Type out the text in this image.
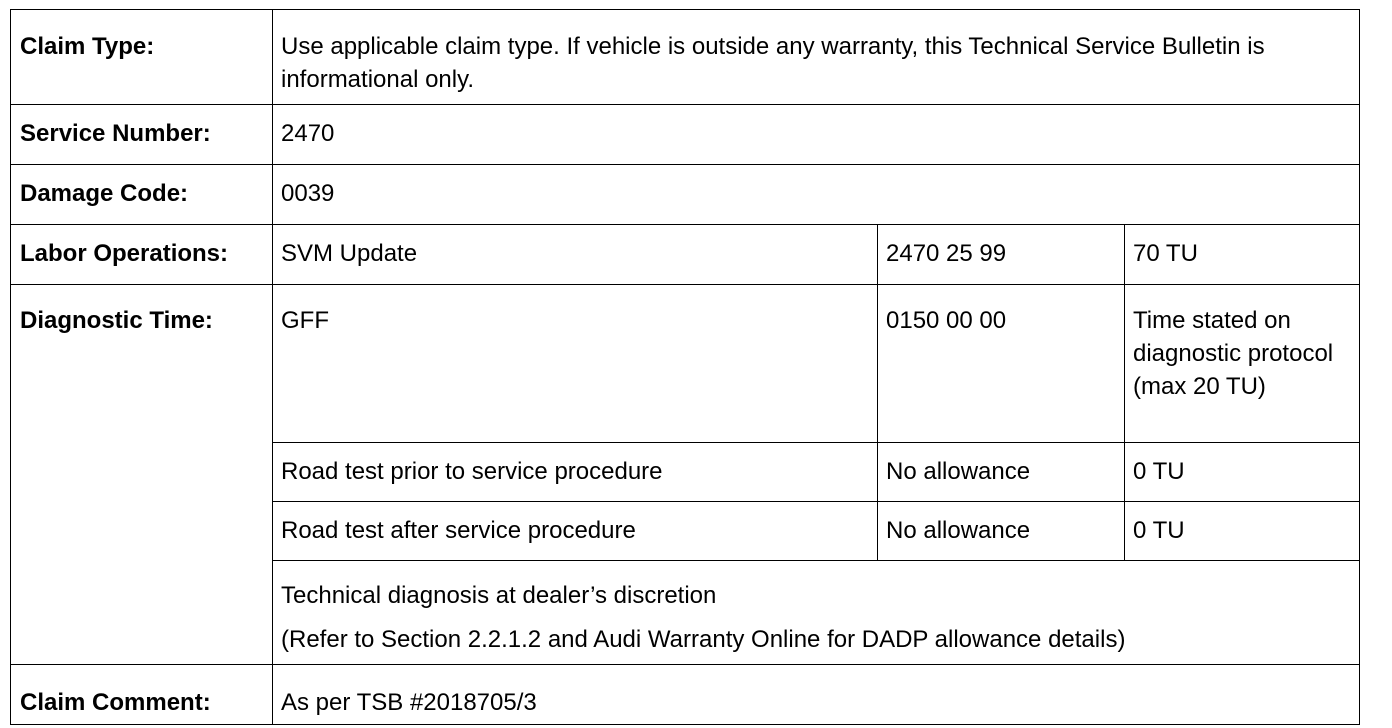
Claim Type:	Use applicable claim type. If vehicle is outside any warranty, this Technical Service Bulletin is informational only.		
Service Number:	2470		
Damage Code:	0039		
Labor Operations:	SVM Update	2470 25 99	70 TU
Diagnostic Time:	GFF	0150 00 00	Time stated on diagnostic protocol (max 20 TU)
	Road test prior to service procedure	No allowance	0 TU
	Road test after service procedure	No allowance	0 TU

	Technical diagnosis at dealer’s discretion
(Refer to Section 2.2.1.2 and Audi Warranty Online for DADP allowance details)		

Claim Comment:	As per TSB #2018705/3		
